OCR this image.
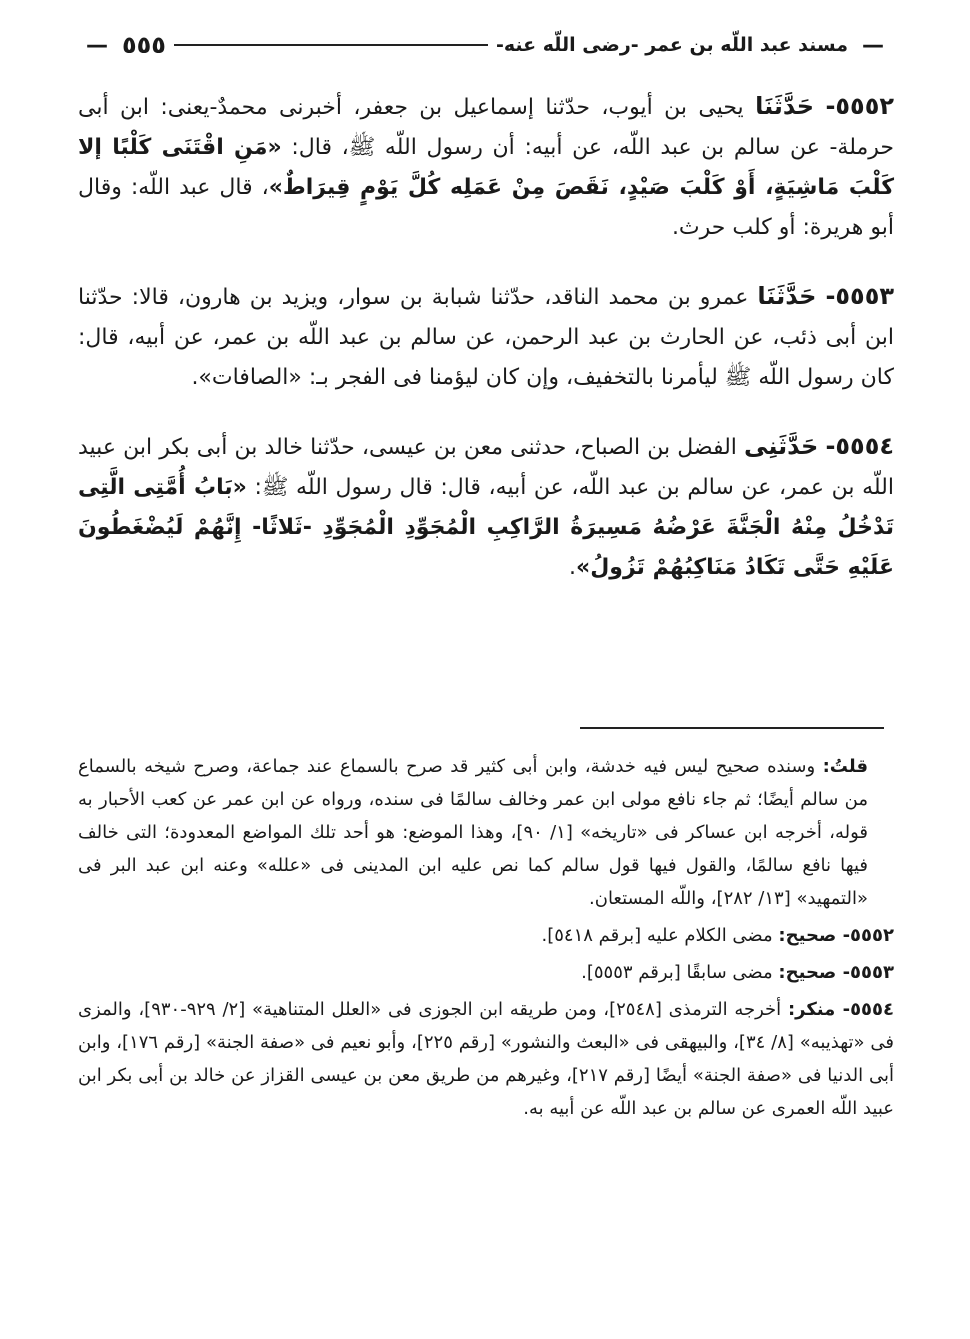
—
مسند عبد اللّه بن عمر -رضى اللّه عنه-
٥٥٥
—

٥٥٥٢- حَدَّثَنَا يحيى بن أيوب، حدّثنا إسماعيل بن جعفر، أخبرنى محمدٌ-يعنى: ابن أبى حرملة- عن سالم بن عبد اللّه، عن أبيه: أن رسول اللّه ﷺ، قال: «مَنِ اقْتَنَى كَلْبًا إلا كَلْبَ مَاشِيَةٍ، أَوْ كَلْبَ صَيْدٍ، نَقَصَ مِنْ عَمَلِه كُلَّ يَوْمٍ قِيرَاطٌ»، قال عبد اللّه: وقال أبو هريرة: أو كلب حرث.

٥٥٥٣- حَدَّثَنَا عمرو بن محمد الناقد، حدّثنا شبابة بن سوار، ويزيد بن هارون، قالا: حدّثنا ابن أبى ذئب، عن الحارث بن عبد الرحمن، عن سالم بن عبد اللّه بن عمر، عن أبيه، قال: كان رسول اللّه ﷺ ليأمرنا بالتخفيف، وإن كان ليؤمنا فى الفجر بـ: «الصافات».

٥٥٥٤- حَدَّثَنِى الفضل بن الصباح، حدثنى معن بن عيسى، حدّثنا خالد بن أبى بكر ابن عبيد اللّه بن عمر، عن سالم بن عبد اللّه، عن أبيه، قال: قال رسول اللّه ﷺ: «بَابُ أُمَّتِى الَّتِى تَدْخُلُ مِنْهُ الْجَنَّةَ عَرْضُهُ مَسِيرَةُ الرَّاكِبِ الْمُجَوِّدِ الْمُجَوِّدِ -ثَلاثًا- إِنَّهُمْ لَيُضْغَطُونَ عَلَيْهِ حَتَّى تَكَادُ مَنَاكِبُهُمْ تَزُولُ».

قلتُ: وسنده صحيح ليس فيه خدشة، وابن أبى كثير قد صرح بالسماع عند جماعة، وصرح شيخه بالسماع من سالم أيضًا؛ ثم جاء نافع مولى ابن عمر وخالف سالمًا فى سنده، ورواه عن ابن عمر عن كعب الأحبار به قوله، أخرجه ابن عساكر فى «تاريخه» [١/ ٩٠]، وهذا الموضع: هو أحد تلك المواضع المعدودة؛ التى خالف فيها نافع سالمًا، والقول فيها قول سالم كما نص عليه ابن المدينى فى «علله» وعنه ابن عبد البر فى «التمهيد» [١٣/ ٢٨٢]، واللّه المستعان.

٥٥٥٢- صحيح: مضى الكلام عليه [برقم ٥٤١٨].

٥٥٥٣- صحيح: مضى سابقًا [برقم ٥٥٥٣].

٥٥٥٤- منكر: أخرجه الترمذى [٢٥٤٨]، ومن طريقه ابن الجوزى فى «العلل المتناهية» [٢/ ٩٢٩-٩٣٠]، والمزى فى «تهذيبه» [٨/ ٣٤]، والبيهقى فى «البعث والنشور» [رقم ٢٢٥]، وأبو نعيم فى «صفة الجنة» [رقم ١٧٦]، وابن أبى الدنيا فى «صفة الجنة» أيضًا [رقم ٢١٧]، وغيرهم من طريق معن بن عيسى القزاز عن خالد بن أبى بكر ابن عبيد اللّه العمرى عن سالم بن عبد اللّه عن أبيه به.
